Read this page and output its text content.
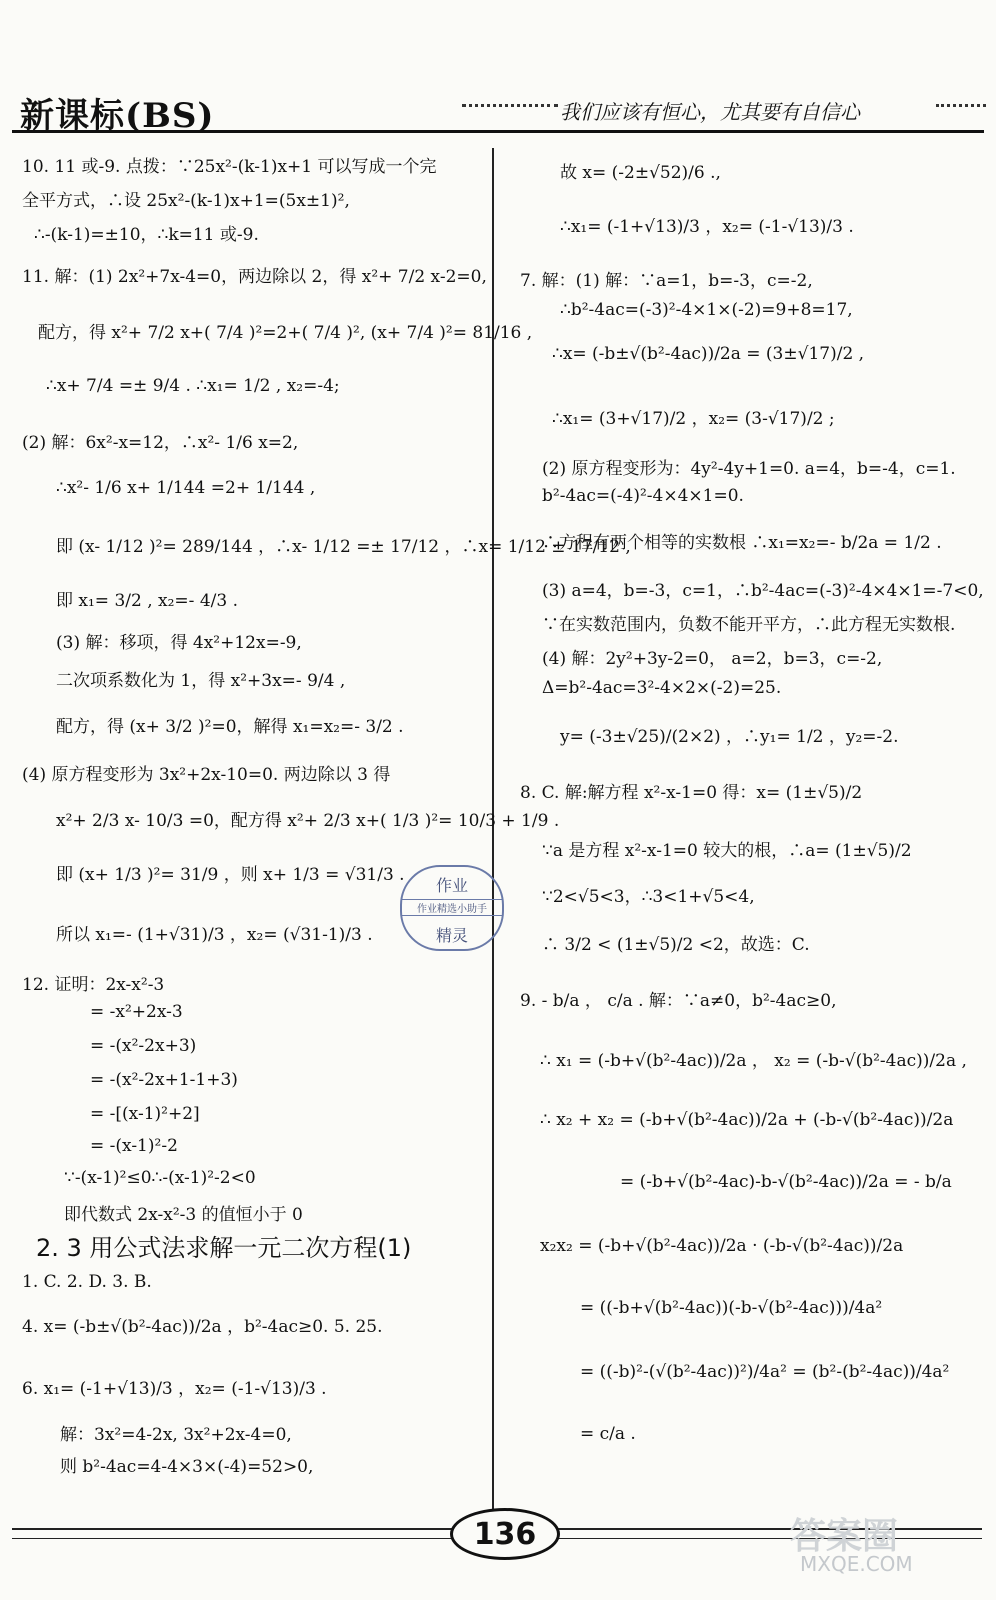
新课标(BS)	我们应该有恒心，尤其要有自信心
10. 11 或-9. 点拨：∵25x²-(k-1)x+1 可以写成一个完
全平方式，∴设 25x²-(k-1)x+1=(5x±1)²,
∴-(k-1)=±10，∴k=11 或-9.
11. 解：(1) 2x²+7x-4=0，两边除以 2，得 x²+ 7/2 x-2=0,
配方，得 x²+ 7/2 x+( 7/4 )²=2+( 7/4 )², (x+ 7/4 )²= 81/16 ,
∴x+ 7/4 =± 9/4 . ∴x₁= 1/2 , x₂=-4;
(2) 解：6x²-x=12，∴x²- 1/6 x=2,
∴x²- 1/6 x+ 1/144 =2+ 1/144 ,
即 (x- 1/12 )²= 289/144 ，∴x- 1/12 =± 17/12 ，∴x= 1/12 ± 17/12 ,
即 x₁= 3/2 , x₂=- 4/3 .
(3) 解：移项，得 4x²+12x=-9,
二次项系数化为 1，得 x²+3x=- 9/4 ,
配方，得 (x+ 3/2 )²=0，解得 x₁=x₂=- 3/2 .
(4) 原方程变形为 3x²+2x-10=0. 两边除以 3 得
x²+ 2/3 x- 10/3 =0，配方得 x²+ 2/3 x+( 1/3 )²= 10/3 + 1/9 .
即 (x+ 1/3 )²= 31/9 ，则 x+ 1/3 = √31/3 .
所以 x₁=- (1+√31)/3 ，x₂= (√31-1)/3 .
12. 证明：2x-x²-3
= -x²+2x-3
= -(x²-2x+3)
= -(x²-2x+1-1+3)
= -[(x-1)²+2]
= -(x-1)²-2
∵-(x-1)²≤0∴-(x-1)²-2<0
即代数式 2x-x²-3 的值恒小于 0
2. 3 用公式法求解一元二次方程(1)
1. C. 2. D. 3. B.
4. x= (-b±√(b²-4ac))/2a ，b²-4ac≥0. 5. 25.
6. x₁= (-1+√13)/3 ，x₂= (-1-√13)/3 .
解：3x²=4-2x, 3x²+2x-4=0,
则 b²-4ac=4-4×3×(-4)=52>0,
故 x= (-2±√52)/6 .,
∴x₁= (-1+√13)/3 ，x₂= (-1-√13)/3 .
7. 解：(1) 解：∵a=1，b=-3，c=-2,
∴b²-4ac=(-3)²-4×1×(-2)=9+8=17,
∴x= (-b±√(b²-4ac))/2a = (3±√17)/2 ,
∴x₁= (3+√17)/2 ，x₂= (3-√17)/2 ;
(2) 原方程变形为：4y²-4y+1=0. a=4，b=-4，c=1.
b²-4ac=(-4)²-4×4×1=0.
∴方程有两个相等的实数根 ∴x₁=x₂=- b/2a = 1/2 .
(3) a=4，b=-3，c=1，∴b²-4ac=(-3)²-4×4×1=-7<0,
∵在实数范围内，负数不能开平方，∴此方程无实数根.
(4) 解：2y²+3y-2=0， a=2，b=3，c=-2,
Δ=b²-4ac=3²-4×2×(-2)=25.
y= (-3±√25)/(2×2) ，∴y₁= 1/2 ，y₂=-2.
8. C. 解:解方程 x²-x-1=0 得：x= (1±√5)/2
∵a 是方程 x²-x-1=0 较大的根，∴a= (1±√5)/2
∵2<√5<3，∴3<1+√5<4,
∴ 3/2 < (1±√5)/2 <2，故选：C.
9. - b/a ， c/a . 解：∵a≠0，b²-4ac≥0,
∴ x₁ = (-b+√(b²-4ac))/2a ， x₂ = (-b-√(b²-4ac))/2a ,
∴ x₂ + x₂ = (-b+√(b²-4ac))/2a + (-b-√(b²-4ac))/2a
= (-b+√(b²-4ac)-b-√(b²-4ac))/2a = - b/a
x₂x₂ = (-b+√(b²-4ac))/2a · (-b-√(b²-4ac))/2a
= ((-b+√(b²-4ac))(-b-√(b²-4ac)))/4a²
= ((-b)²-(√(b²-4ac))²)/4a² = (b²-(b²-4ac))/4a²
= c/a .
作业
作业精选小助手
精灵
136	答案圈
MXQE.COM
